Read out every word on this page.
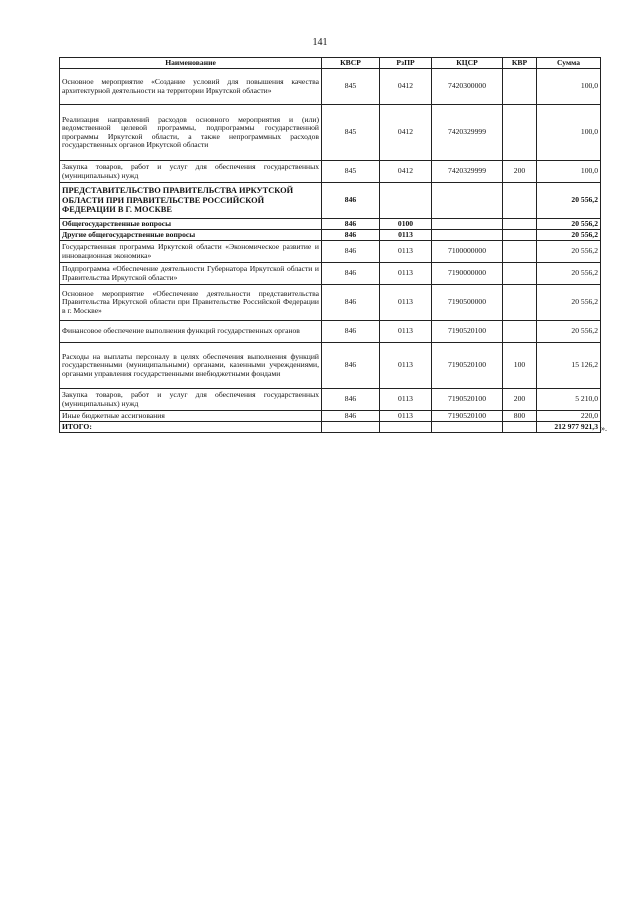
141
Наименование	КВСР	РзПР	КЦСР	КВР	Сумма
Основное мероприятие «Создание условий для повышения качества архитектурной деятельности на территории Иркутской области»	845	0412	7420300000		100,0
Реализация направлений расходов основного мероприятия и (или) ведомственной целевой программы, подпрограммы государственной программы Иркутской области, а также непрограммных расходов государственных органов Иркутской области	845	0412	7420329999		100,0
Закупка товаров, работ и услуг для обеспечения государственных (муниципальных) нужд	845	0412	7420329999	200	100,0
ПРЕДСТАВИТЕЛЬСТВО ПРАВИТЕЛЬСТВА ИРКУТСКОЙ ОБЛАСТИ ПРИ ПРАВИТЕЛЬСТВЕ РОССИЙСКОЙ ФЕДЕРАЦИИ В Г. МОСКВЕ	846				20 556,2
Общегосударственные вопросы	846	0100			20 556,2
Другие общегосударственные вопросы	846	0113			20 556,2
Государственная программа Иркутской области «Экономическое развитие и инновационная экономика»	846	0113	7100000000		20 556,2
Подпрограмма «Обеспечение деятельности Губернатора Иркутской области и Правительства Иркутской области»	846	0113	7190000000		20 556,2
Основное мероприятие «Обеспечение деятельности представительства Правительства Иркутской области при Правительстве Российской Федерации в г. Москве»	846	0113	7190500000		20 556,2
Финансовое обеспечение выполнения функций государственных органов	846	0113	7190520100		20 556,2
Расходы на выплаты персоналу в целях обеспечения выполнения функций государственными (муниципальными) органами, казенными учреждениями, органами управления государственными внебюджетными фондами	846	0113	7190520100	100	15 126,2
Закупка товаров, работ и услуг для обеспечения государственных (муниципальных) нужд	846	0113	7190520100	200	5 210,0
Иные бюджетные ассигнования	846	0113	7190520100	800	220,0
ИТОГО:					212 977 921,3 ».
